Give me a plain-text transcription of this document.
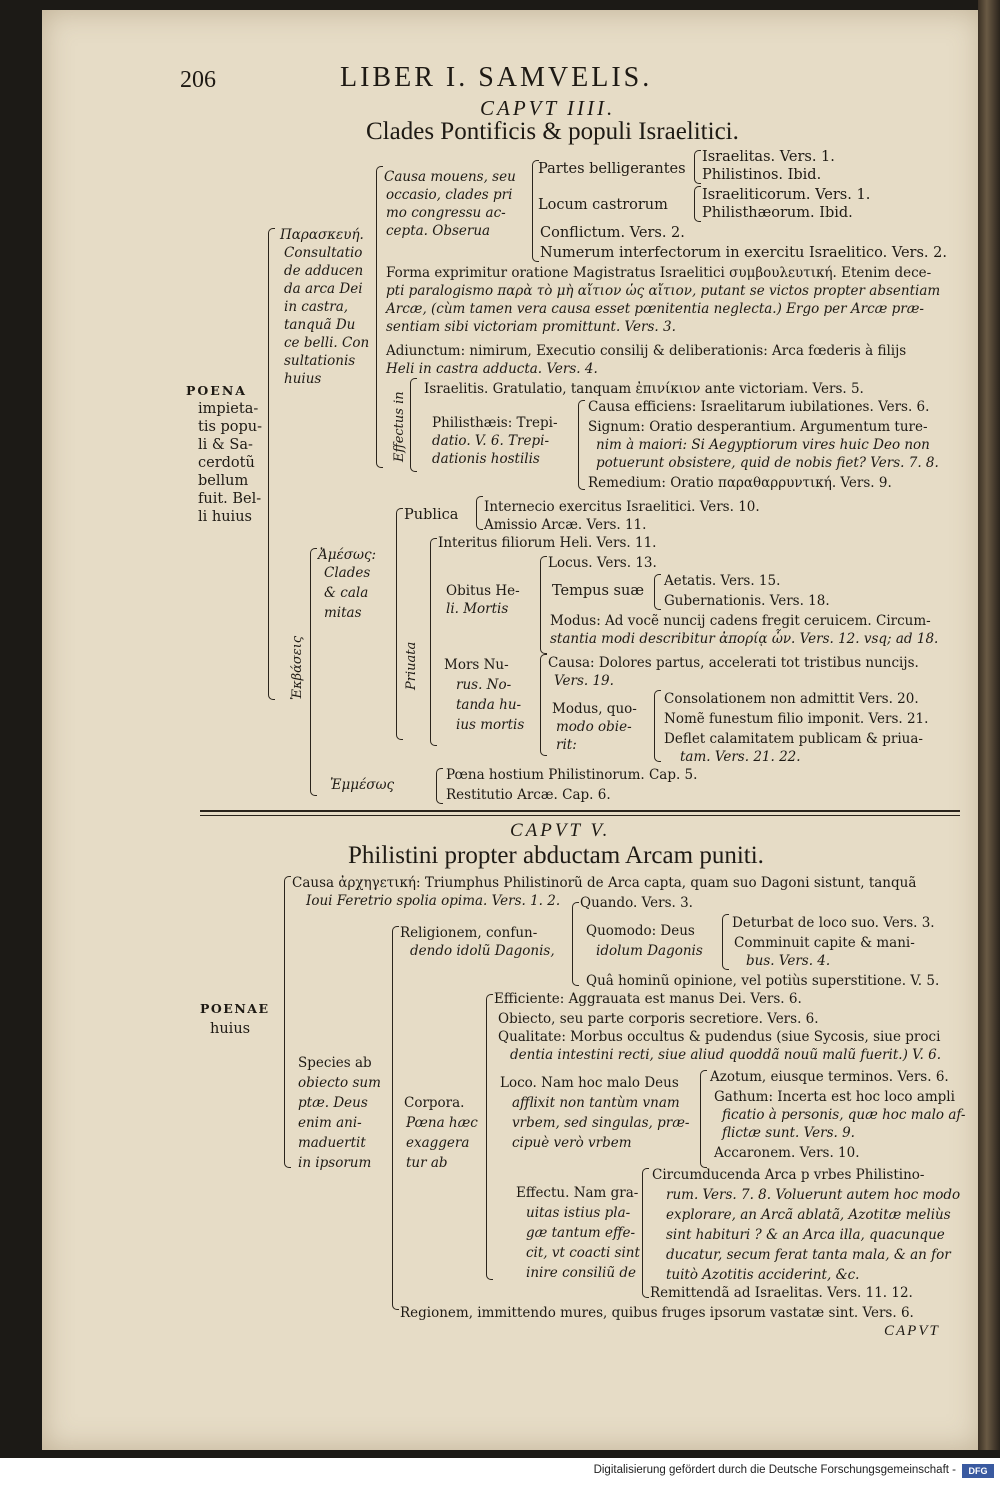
206	LIBER I. SAMVELIS.
CAPVT IIII.
Clades Pontificis & populi Israelitici.
POENA
impieta-
tis popu-
li & Sa-
cerdotũ
bellum
fuit. Bel-
li huius
Παρασκευή.
Consultatio
de adducen
da arca Dei
in castra,
tanquã Du
ce belli. Con
sultationis
huius
Causa mouens, seu
occasio, clades pri
mo congressu ac-
cepta. Obserua
Partes belligerantes
Israelitas. Vers. 1.
Philistinos. Ibid.
Locum castrorum
Israeliticorum. Vers. 1.
Philisthæorum. Ibid.
Conflictum. Vers. 2.
Numerum interfectorum in exercitu Israelitico. Vers. 2.
Forma exprimitur oratione Magistratus Israelitici συμβουλευτική. Etenim dece-
pti paralogismo παρὰ τὸ μὴ αἴτιον ὡς αἴτιον, putant se victos propter absentiam
Arcæ, (cùm tamen vera causa esset pœnitentia neglecta.) Ergo per Arcæ præ-
sentiam sibi victoriam promittunt. Vers. 3.
Adiunctum: nimirum, Executio consilij & deliberationis: Arca fœderis à filijs
Heli in castra adducta. Vers. 4.
Effectus in
Israelitis. Gratulatio, tanquam ἐπινίκιον ante victoriam. Vers. 5.
Philisthæis: Trepi-
datio. V. 6. Trepi-
dationis hostilis
Causa efficiens: Israelitarum iubilationes. Vers. 6.
Signum: Oratio desperantium. Argumentum ture-
nim à maiori: Si Aegyptiorum vires huic Deo non
potuerunt obsistere, quid de nobis fiet? Vers. 7. 8.
Remedium: Oratio παραθαρρυντική. Vers. 9.
Ἐκβάσεις
Ἀμέσως:
Clades
& cala
mitas
Publica Internecio exercitus Israelitici. Vers. 10.
Amissio Arcæ. Vers. 11.
Priuata
Interitus filiorum Heli. Vers. 11.
Obitus He-
li. Mortis
Locus. Vers. 13.
Tempus suæ
Aetatis. Vers. 15.
Gubernationis. Vers. 18.
Modus: Ad vocẽ nuncij cadens fregit ceruicem. Circum-
stantia modi describitur ἀπορίᾳ ὧν. Vers. 12. vsq; ad 18.
Mors Nu-
rus. No-
tanda hu-
ius mortis
Causa: Dolores partus, accelerati tot tristibus nuncijs.
Vers. 19.
Modus, quo-
modo obie-
rit:
Consolationem non admittit Vers. 20.
Nomẽ funestum filio imponit. Vers. 21.
Deflet calamitatem publicam & priua-
tam. Vers. 21. 22.
Ἐμμέσως
Pœna hostium Philistinorum. Cap. 5.
Restitutio Arcæ. Cap. 6.
CAPVT V.
Philistini propter abductam Arcam puniti.
POENAE
huius
Causa ἀρχηγετική: Triumphus Philistinorũ de Arca capta, quam suo Dagoni sistunt, tanquã
Ioui Feretrio spolia opima. Vers. 1. 2.
Religionem, confun-
dendo idolũ Dagonis,
Quando. Vers. 3.
Quomodo: Deus
idolum Dagonis
Deturbat de loco suo. Vers. 3.
Comminuit capite & mani-
bus. Vers. 4.
Quâ hominũ opinione, vel potiùs superstitione. V. 5.
Species ab
obiecto sum
ptæ. Deus
enim ani-
maduertit
in ipsorum
Corpora.
Pœna hæc
exaggera
tur ab
Efficiente: Aggrauata est manus Dei. Vers. 6.
Obiecto, seu parte corporis secretiore. Vers. 6.
Qualitate: Morbus occultus & pudendus (siue Sycosis, siue proci
dentia intestini recti, siue aliud quoddã nouũ malũ fuerit.) V. 6.
Loco. Nam hoc malo Deus
afflixit non tantùm vnam
vrbem, sed singulas, præ-
cipuè verò vrbem
Azotum, eiusque terminos. Vers. 6.
Gathum: Incerta est hoc loco ampli
ficatio à personis, quæ hoc malo af-
flictæ sunt. Vers. 9.
Accaronem. Vers. 10.
Effectu. Nam gra-
uitas istius pla-
gæ tantum effe-
cit, vt coacti sint
inire consiliũ de
Circumducenda Arca p vrbes Philistino-
rum. Vers. 7. 8. Voluerunt autem hoc modo
explorare, an Arcã ablatã, Azotitæ meliùs
sint habituri ? & an Arca illa, quacunque
ducatur, secum ferat tanta mala, & an for
tuitò Azotitis acciderint, &c.
Remittendã ad Israelitas. Vers. 11. 12.
Regionem, immittendo mures, quibus fruges ipsorum vastatæ sint. Vers. 6.
CAPVT
Digitalisierung gefördert durch die Deutsche Forschungsgemeinschaft -	DFG
